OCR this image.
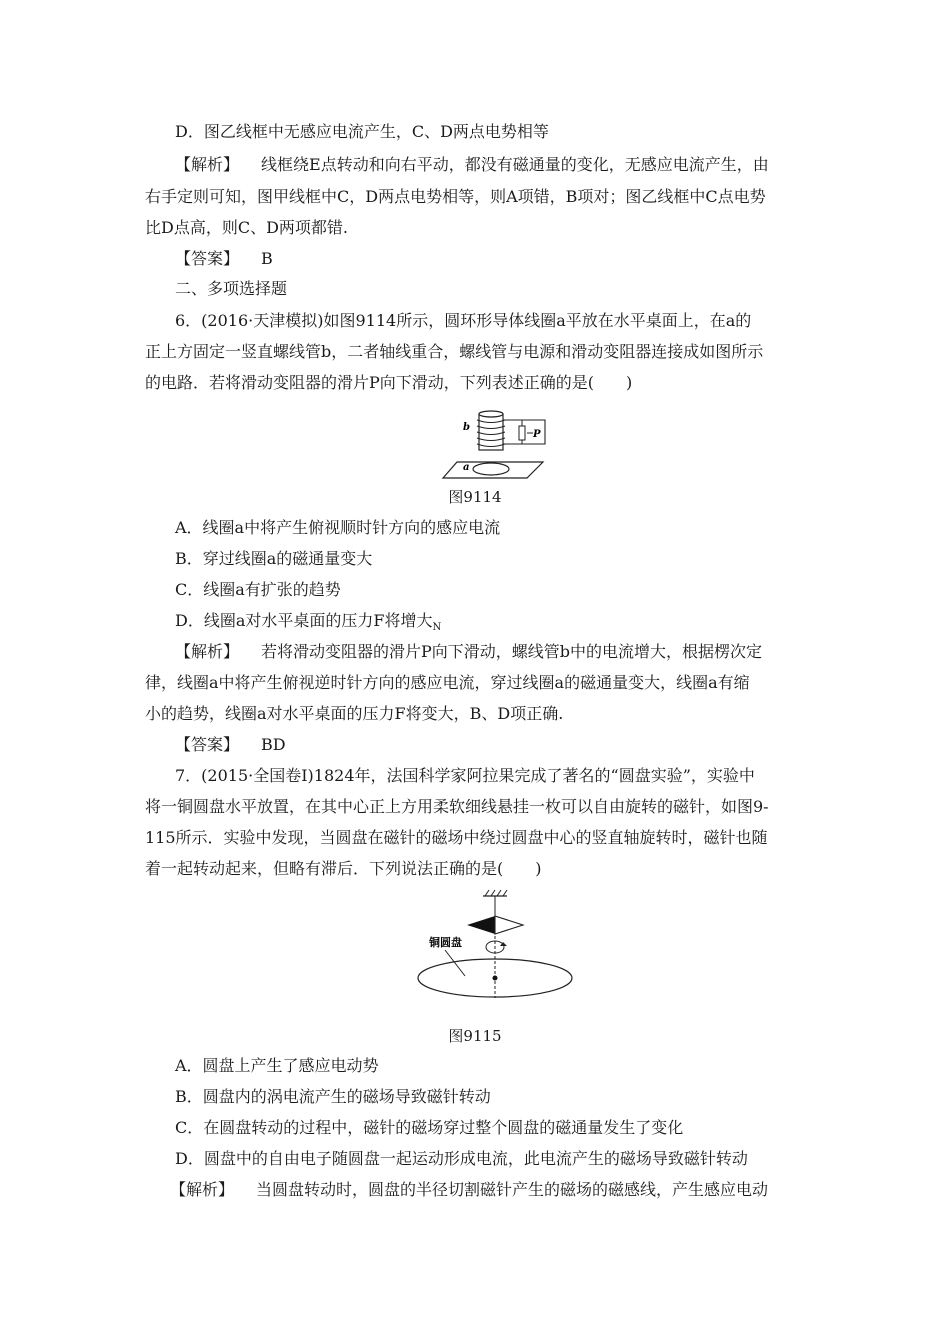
D．图乙线框中无感应电流产生，C、D两点电势相等
【解析】 线框绕E点转动和向右平动，都没有磁通量的变化，无感应电流产生，由
右手定则可知，图甲线框中C，D两点电势相等，则A项错，B项对；图乙线框中C点电势
比D点高，则C、D两项都错.
【答案】 B
二、多项选择题
6．(2016·天津模拟)如图9114所示，圆环形导体线圈a平放在水平桌面上，在a的
正上方固定一竖直螺线管b，二者轴线重合，螺线管与电源和滑动变阻器连接成如图所示
的电路．若将滑动变阻器的滑片P向下滑动，下列表述正确的是(　　)
b
a
P
图9114
A．线圈a中将产生俯视顺时针方向的感应电流
B．穿过线圈a的磁通量变大
C．线圈a有扩张的趋势
D．线圈a对水平桌面的压力F将增大$_N$
【解析】 若将滑动变阻器的滑片P向下滑动，螺线管b中的电流增大，根据楞次定
律，线圈a中将产生俯视逆时针方向的感应电流，穿过线圈a的磁通量变大，线圈a有缩
小的趋势，线圈a对水平桌面的压力F将变大，B、D项正确.
【答案】 BD
7．(2015·全国卷Ⅰ)1824年，法国科学家阿拉果完成了著名的“圆盘实验”，实验中
将一铜圆盘水平放置，在其中心正上方用柔软细线悬挂一枚可以自由旋转的磁针，如图9-
115所示．实验中发现，当圆盘在磁针的磁场中绕过圆盘中心的竖直轴旋转时，磁针也随
着一起转动起来，但略有滞后．下列说法正确的是(　　)
铜圆盘
图9115
A．圆盘上产生了感应电动势
B．圆盘内的涡电流产生的磁场导致磁针转动
C．在圆盘转动的过程中，磁针的磁场穿过整个圆盘的磁通量发生了变化
D．圆盘中的自由电子随圆盘一起运动形成电流，此电流产生的磁场导致磁针转动
【解析】 当圆盘转动时，圆盘的半径切割磁针产生的磁场的磁感线，产生感应电动
